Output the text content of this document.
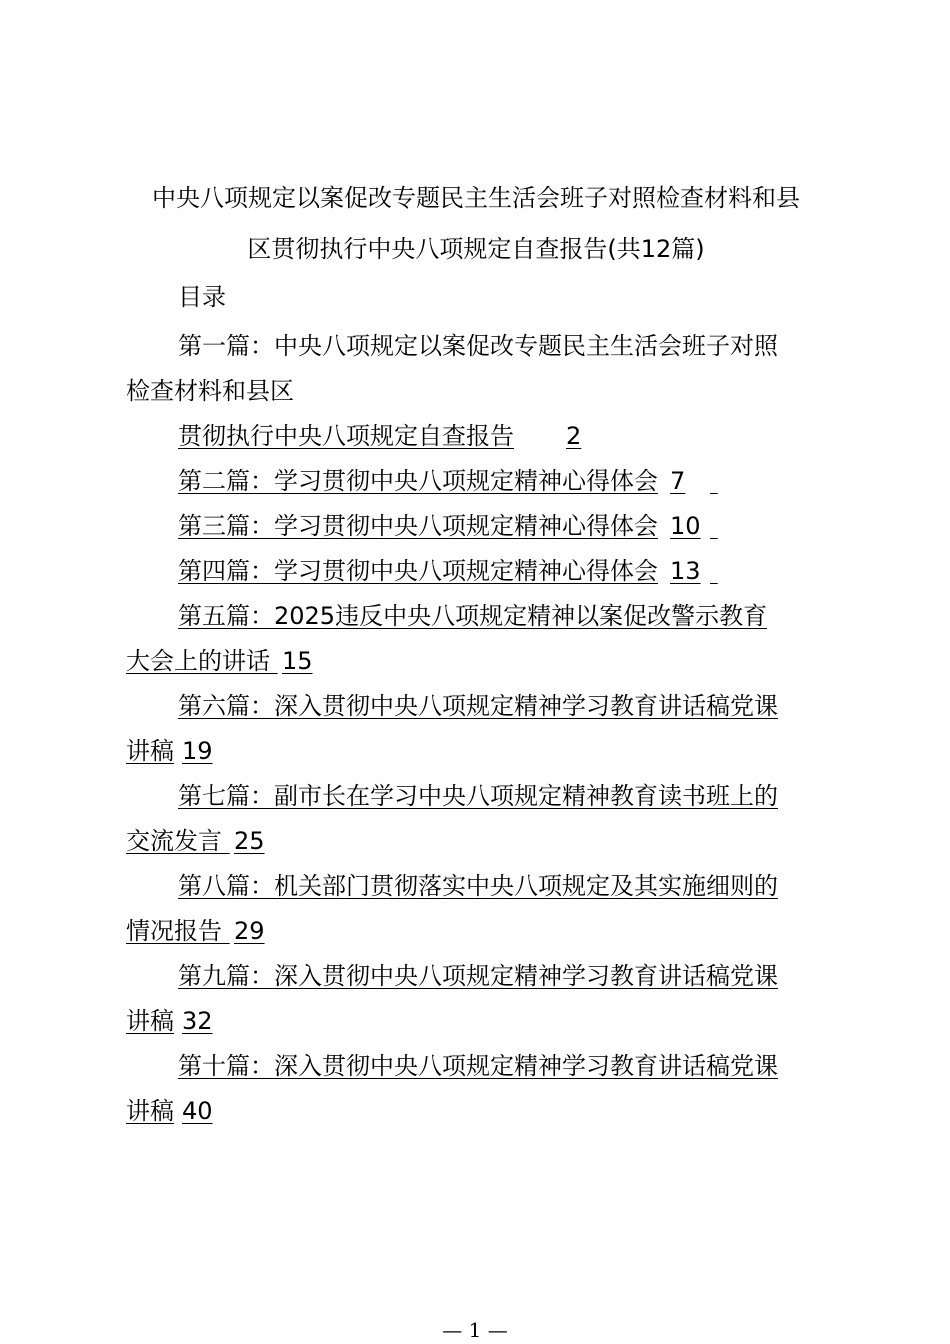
中央八项规定以案促改专题民主生活会班子对照检查材料和县
区贯彻执行中央八项规定自查报告(共12篇)
目录
第一篇：中央八项规定以案促改专题民主生活会班子对照
检查材料和县区
贯彻执行中央八项规定自查报告 2
第二篇：学习贯彻中央八项规定精神心得体会 7
第三篇：学习贯彻中央八项规定精神心得体会 10
第四篇：学习贯彻中央八项规定精神心得体会 13
第五篇：2025违反中央八项规定精神以案促改警示教育
大会上的讲话 15
第六篇：深入贯彻中央八项规定精神学习教育讲话稿党课
讲稿 19
第七篇：副市长在学习中央八项规定精神教育读书班上的
交流发言 25
第八篇：机关部门贯彻落实中央八项规定及其实施细则的
情况报告 29
第九篇：深入贯彻中央八项规定精神学习教育讲话稿党课
讲稿 32
第十篇：深入贯彻中央八项规定精神学习教育讲话稿党课
讲稿 40
— 1 —
